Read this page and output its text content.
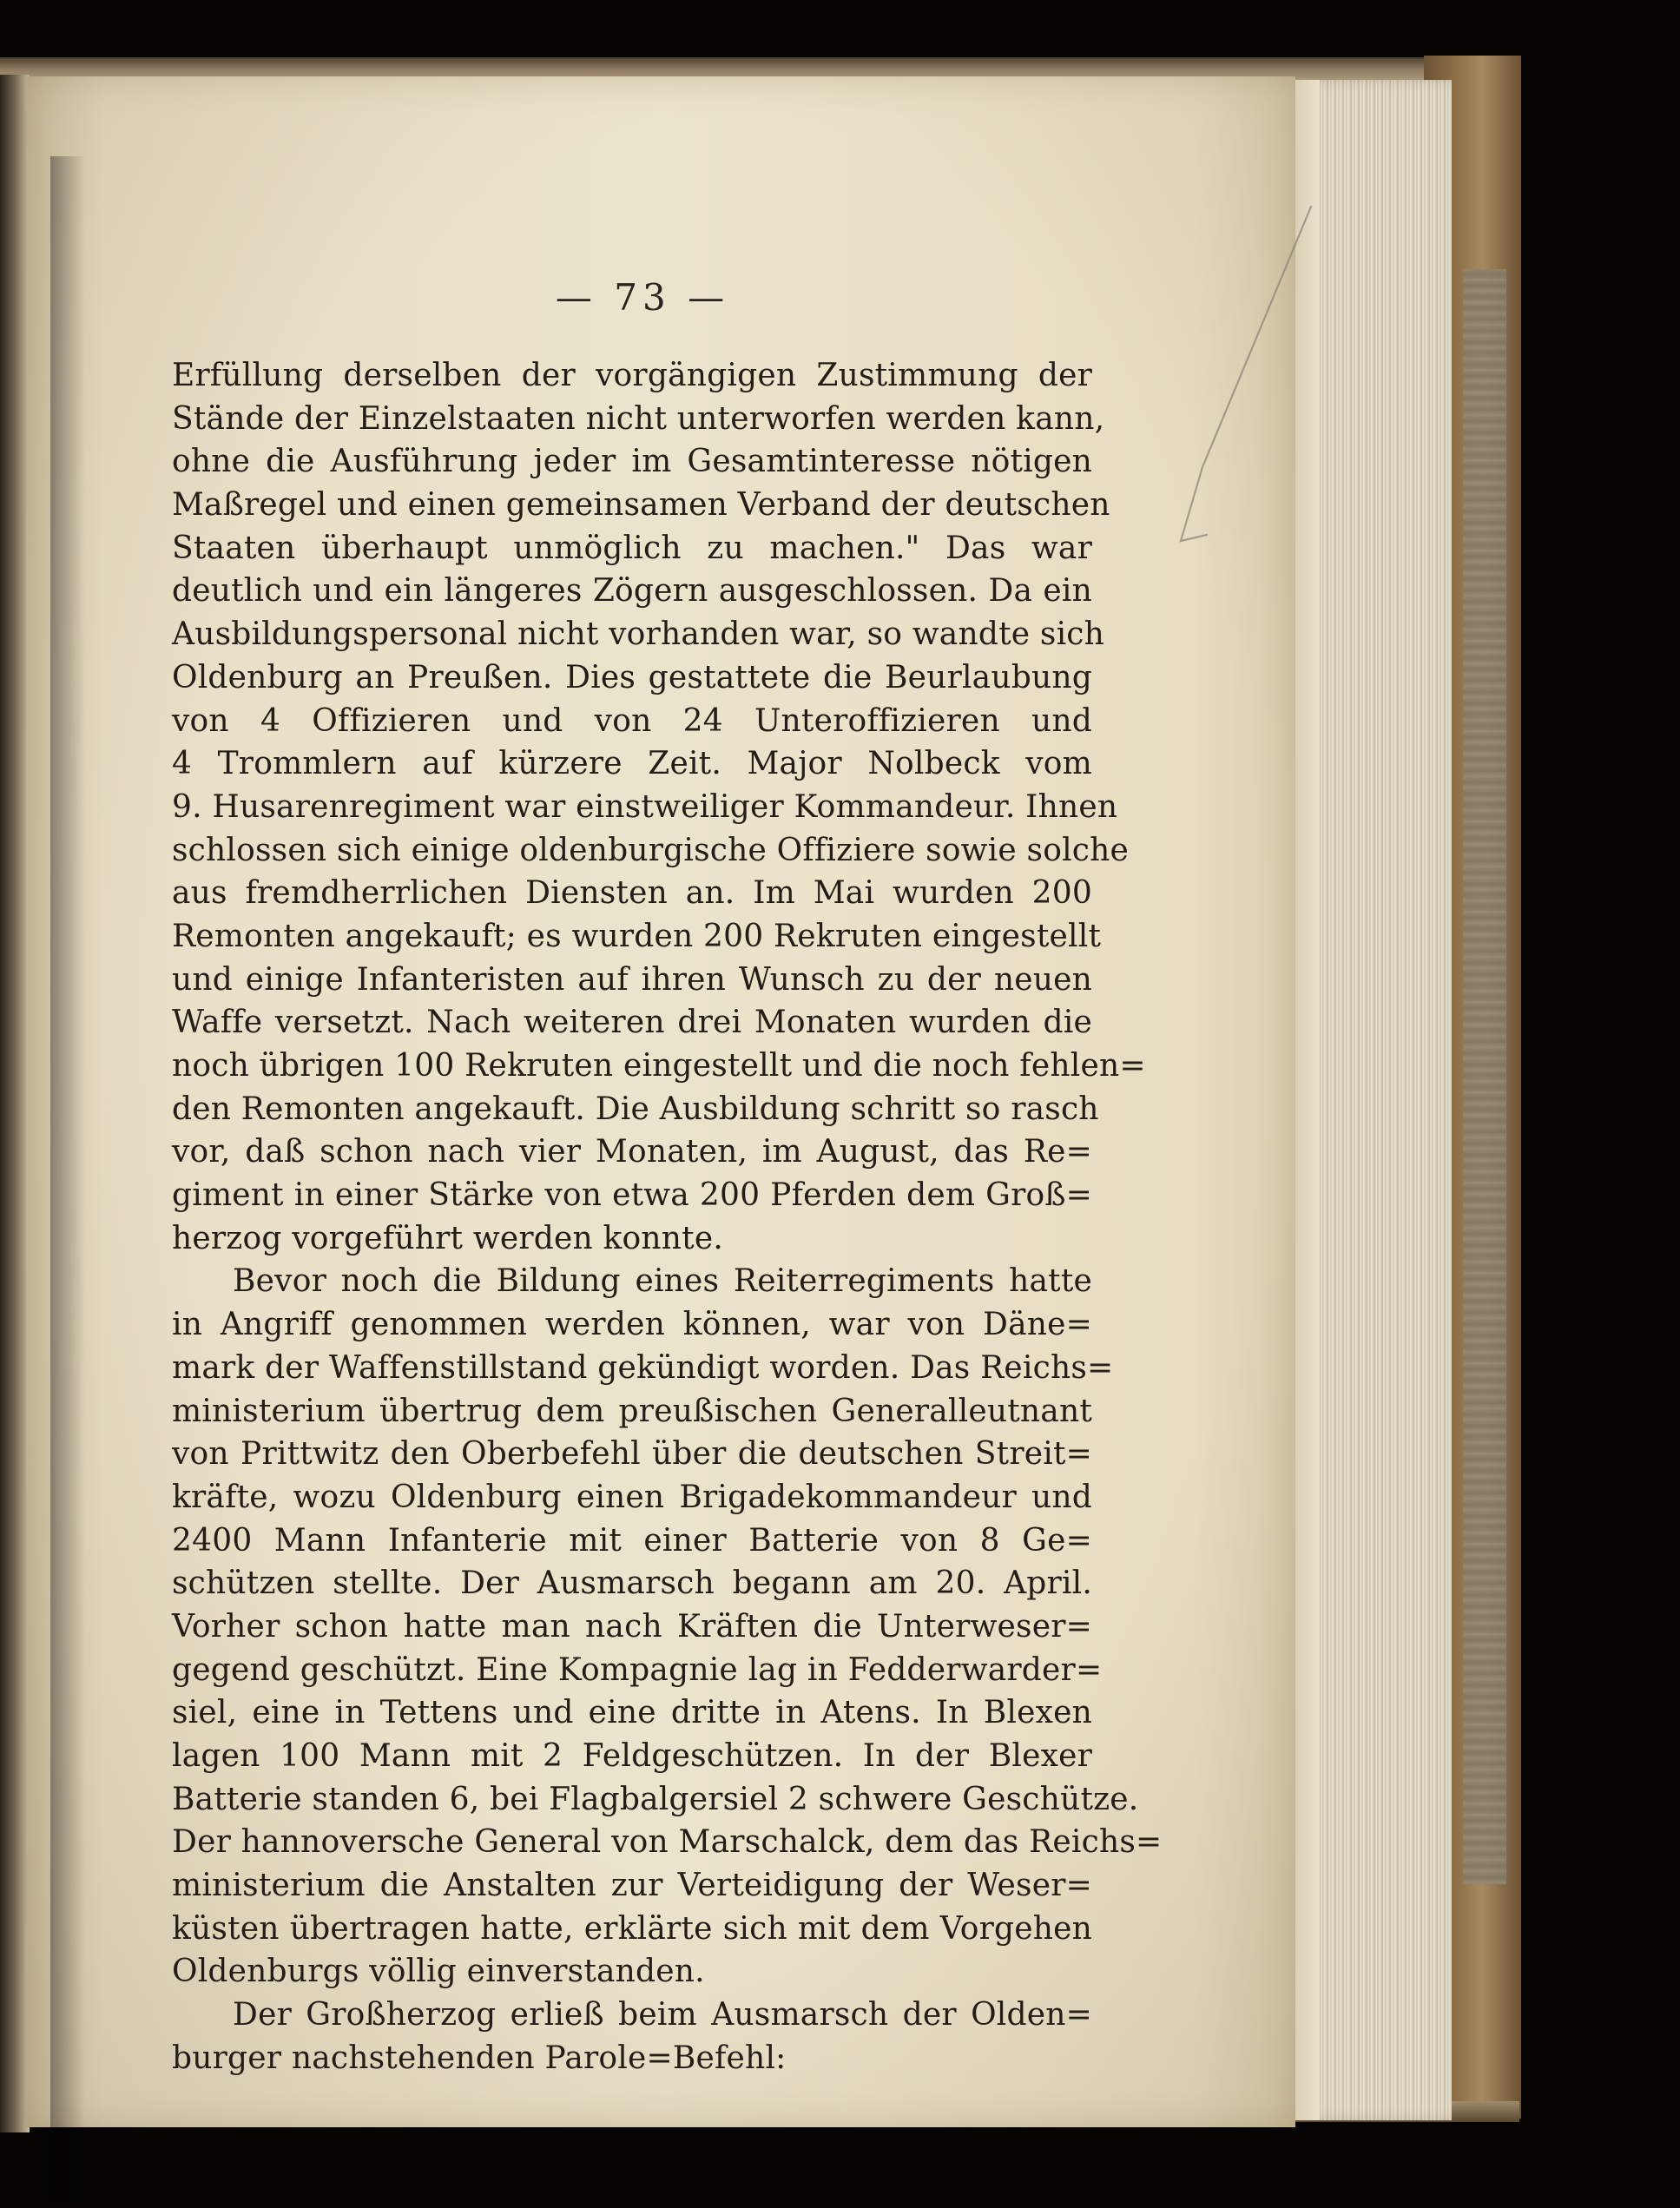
— 73 —

Erfüllung derselben der vorgängigen Zustimmung der
Stände der Einzelstaaten nicht unterworfen werden kann,
ohne die Ausführung jeder im Gesamtinteresse nötigen
Maßregel und einen gemeinsamen Verband der deutschen
Staaten überhaupt unmöglich zu machen." Das war
deutlich und ein längeres Zögern ausgeschlossen. Da ein
Ausbildungspersonal nicht vorhanden war, so wandte sich
Oldenburg an Preußen. Dies gestattete die Beurlaubung
von 4 Offizieren und von 24 Unteroffizieren und
4 Trommlern auf kürzere Zeit. Major Nolbeck vom
9. Husarenregiment war einstweiliger Kommandeur. Ihnen
schlossen sich einige oldenburgische Offiziere sowie solche
aus fremdherrlichen Diensten an. Im Mai wurden 200
Remonten angekauft; es wurden 200 Rekruten eingestellt
und einige Infanteristen auf ihren Wunsch zu der neuen
Waffe versetzt. Nach weiteren drei Monaten wurden die
noch übrigen 100 Rekruten eingestellt und die noch fehlen=
den Remonten angekauft. Die Ausbildung schritt so rasch
vor, daß schon nach vier Monaten, im August, das Re=
giment in einer Stärke von etwa 200 Pferden dem Groß=
herzog vorgeführt werden konnte.
Bevor noch die Bildung eines Reiterregiments hatte
in Angriff genommen werden können, war von Däne=
mark der Waffenstillstand gekündigt worden. Das Reichs=
ministerium übertrug dem preußischen Generalleutnant
von Prittwitz den Oberbefehl über die deutschen Streit=
kräfte, wozu Oldenburg einen Brigadekommandeur und
2400 Mann Infanterie mit einer Batterie von 8 Ge=
schützen stellte. Der Ausmarsch begann am 20. April.
Vorher schon hatte man nach Kräften die Unterweser=
gegend geschützt. Eine Kompagnie lag in Fedderwarder=
siel, eine in Tettens und eine dritte in Atens. In Blexen
lagen 100 Mann mit 2 Feldgeschützen. In der Blexer
Batterie standen 6, bei Flagbalgersiel 2 schwere Geschütze.
Der hannoversche General von Marschalck, dem das Reichs=
ministerium die Anstalten zur Verteidigung der Weser=
küsten übertragen hatte, erklärte sich mit dem Vorgehen
Oldenburgs völlig einverstanden.
Der Großherzog erließ beim Ausmarsch der Olden=
burger nachstehenden Parole=Befehl:
